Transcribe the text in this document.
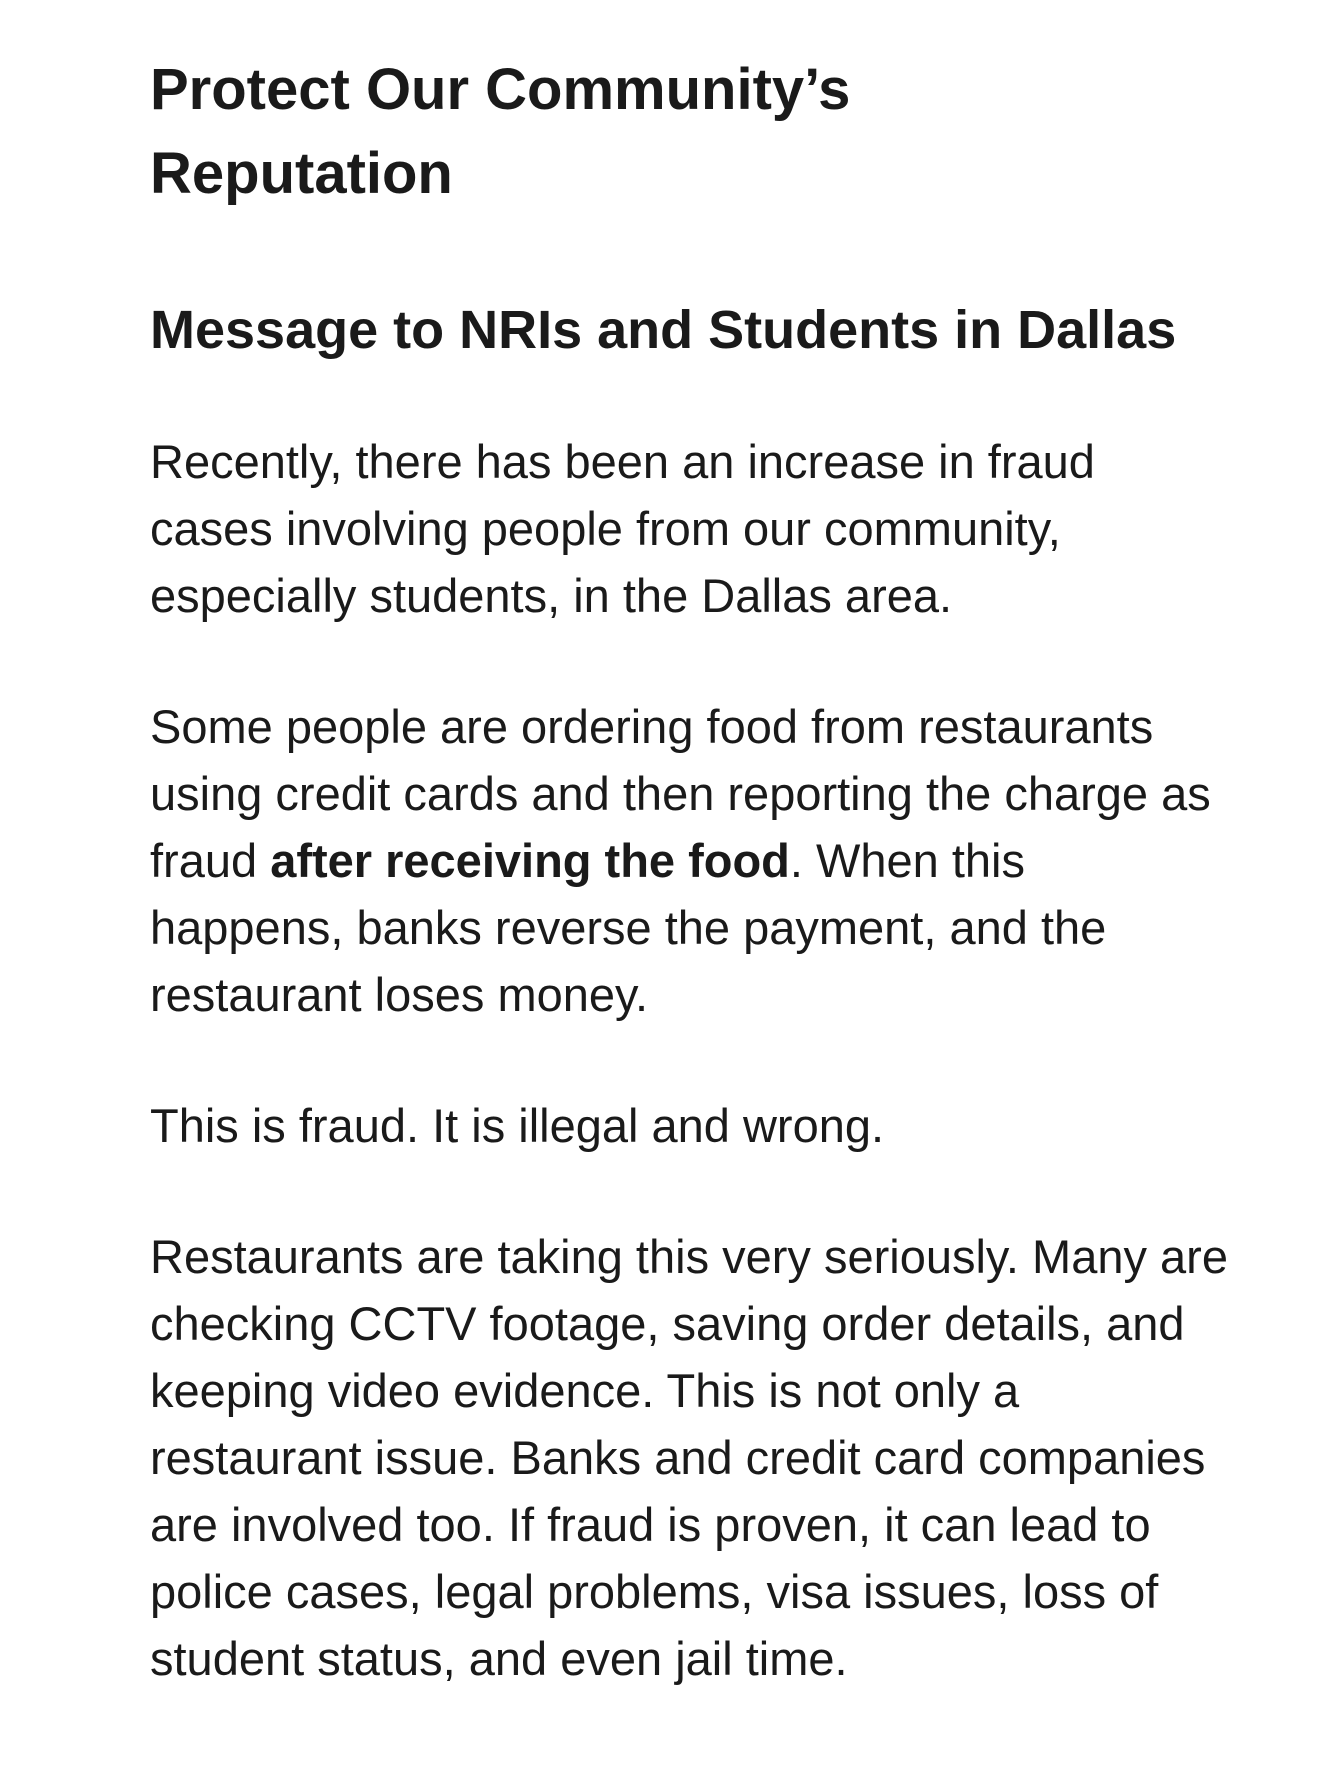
Protect Our Community’s Reputation
Message to NRIs and Students in Dallas

Recently, there has been an increase in fraud cases involving people from our community, especially students, in the Dallas area.

Some people are ordering food from restaurants using credit cards and then reporting the charge as fraud after receiving the food. When this happens, banks reverse the payment, and the restaurant loses money.

This is fraud. It is illegal and wrong.

Restaurants are taking this very seriously. Many are checking CCTV footage, saving order details, and keeping video evidence. This is not only a restaurant issue. Banks and credit card companies are involved too. If fraud is proven, it can lead to police cases, legal problems, visa issues, loss of student status, and even jail time.
